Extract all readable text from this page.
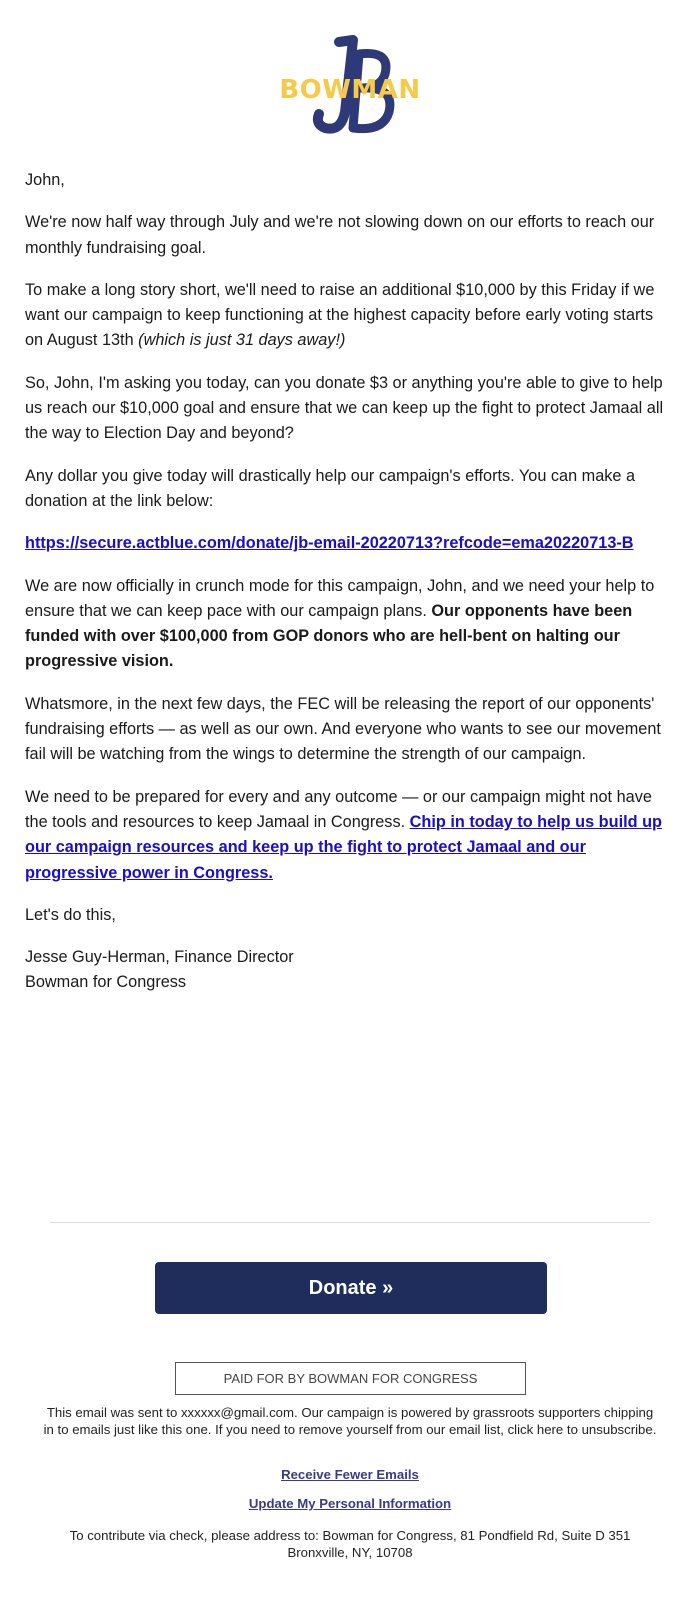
BOWMAN

John,

We're now half way through July and we're not slowing down on our efforts to reach our monthly fundraising goal.

To make a long story short, we'll need to raise an additional $10,000 by this Friday if we want our campaign to keep functioning at the highest capacity before early voting starts on August 13th (which is just 31 days away!)

So, John, I'm asking you today, can you donate $3 or anything you're able to give to help us reach our $10,000 goal and ensure that we can keep up the fight to protect Jamaal all the way to Election Day and beyond?

Any dollar you give today will drastically help our campaign's efforts. You can make a donation at the link below:

https://secure.actblue.com/donate/jb-email-20220713?refcode=ema20220713-B

We are now officially in crunch mode for this campaign, John, and we need your help to ensure that we can keep pace with our campaign plans. Our opponents have been funded with over $100,000 from GOP donors who are hell-bent on halting our progressive vision.

Whatsmore, in the next few days, the FEC will be releasing the report of our opponents' fundraising efforts — as well as our own. And everyone who wants to see our movement fail will be watching from the wings to determine the strength of our campaign.

We need to be prepared for every and any outcome — or our campaign might not have the tools and resources to keep Jamaal in Congress. Chip in today to help us build up our campaign resources and keep up the fight to protect Jamaal and our progressive power in Congress.

Let's do this,

Jesse Guy-Herman, Finance Director
Bowman for Congress

Donate »
PAID FOR BY BOWMAN FOR CONGRESS
This email was sent to xxxxxx@gmail.com. Our campaign is powered by grassroots supporters chipping in to emails just like this one. If you need to remove yourself from our email list, click here to unsubscribe.
Receive Fewer Emails
Update My Personal Information
To contribute via check, please address to: Bowman for Congress, 81 Pondfield Rd, Suite D 351 Bronxville, NY, 10708
